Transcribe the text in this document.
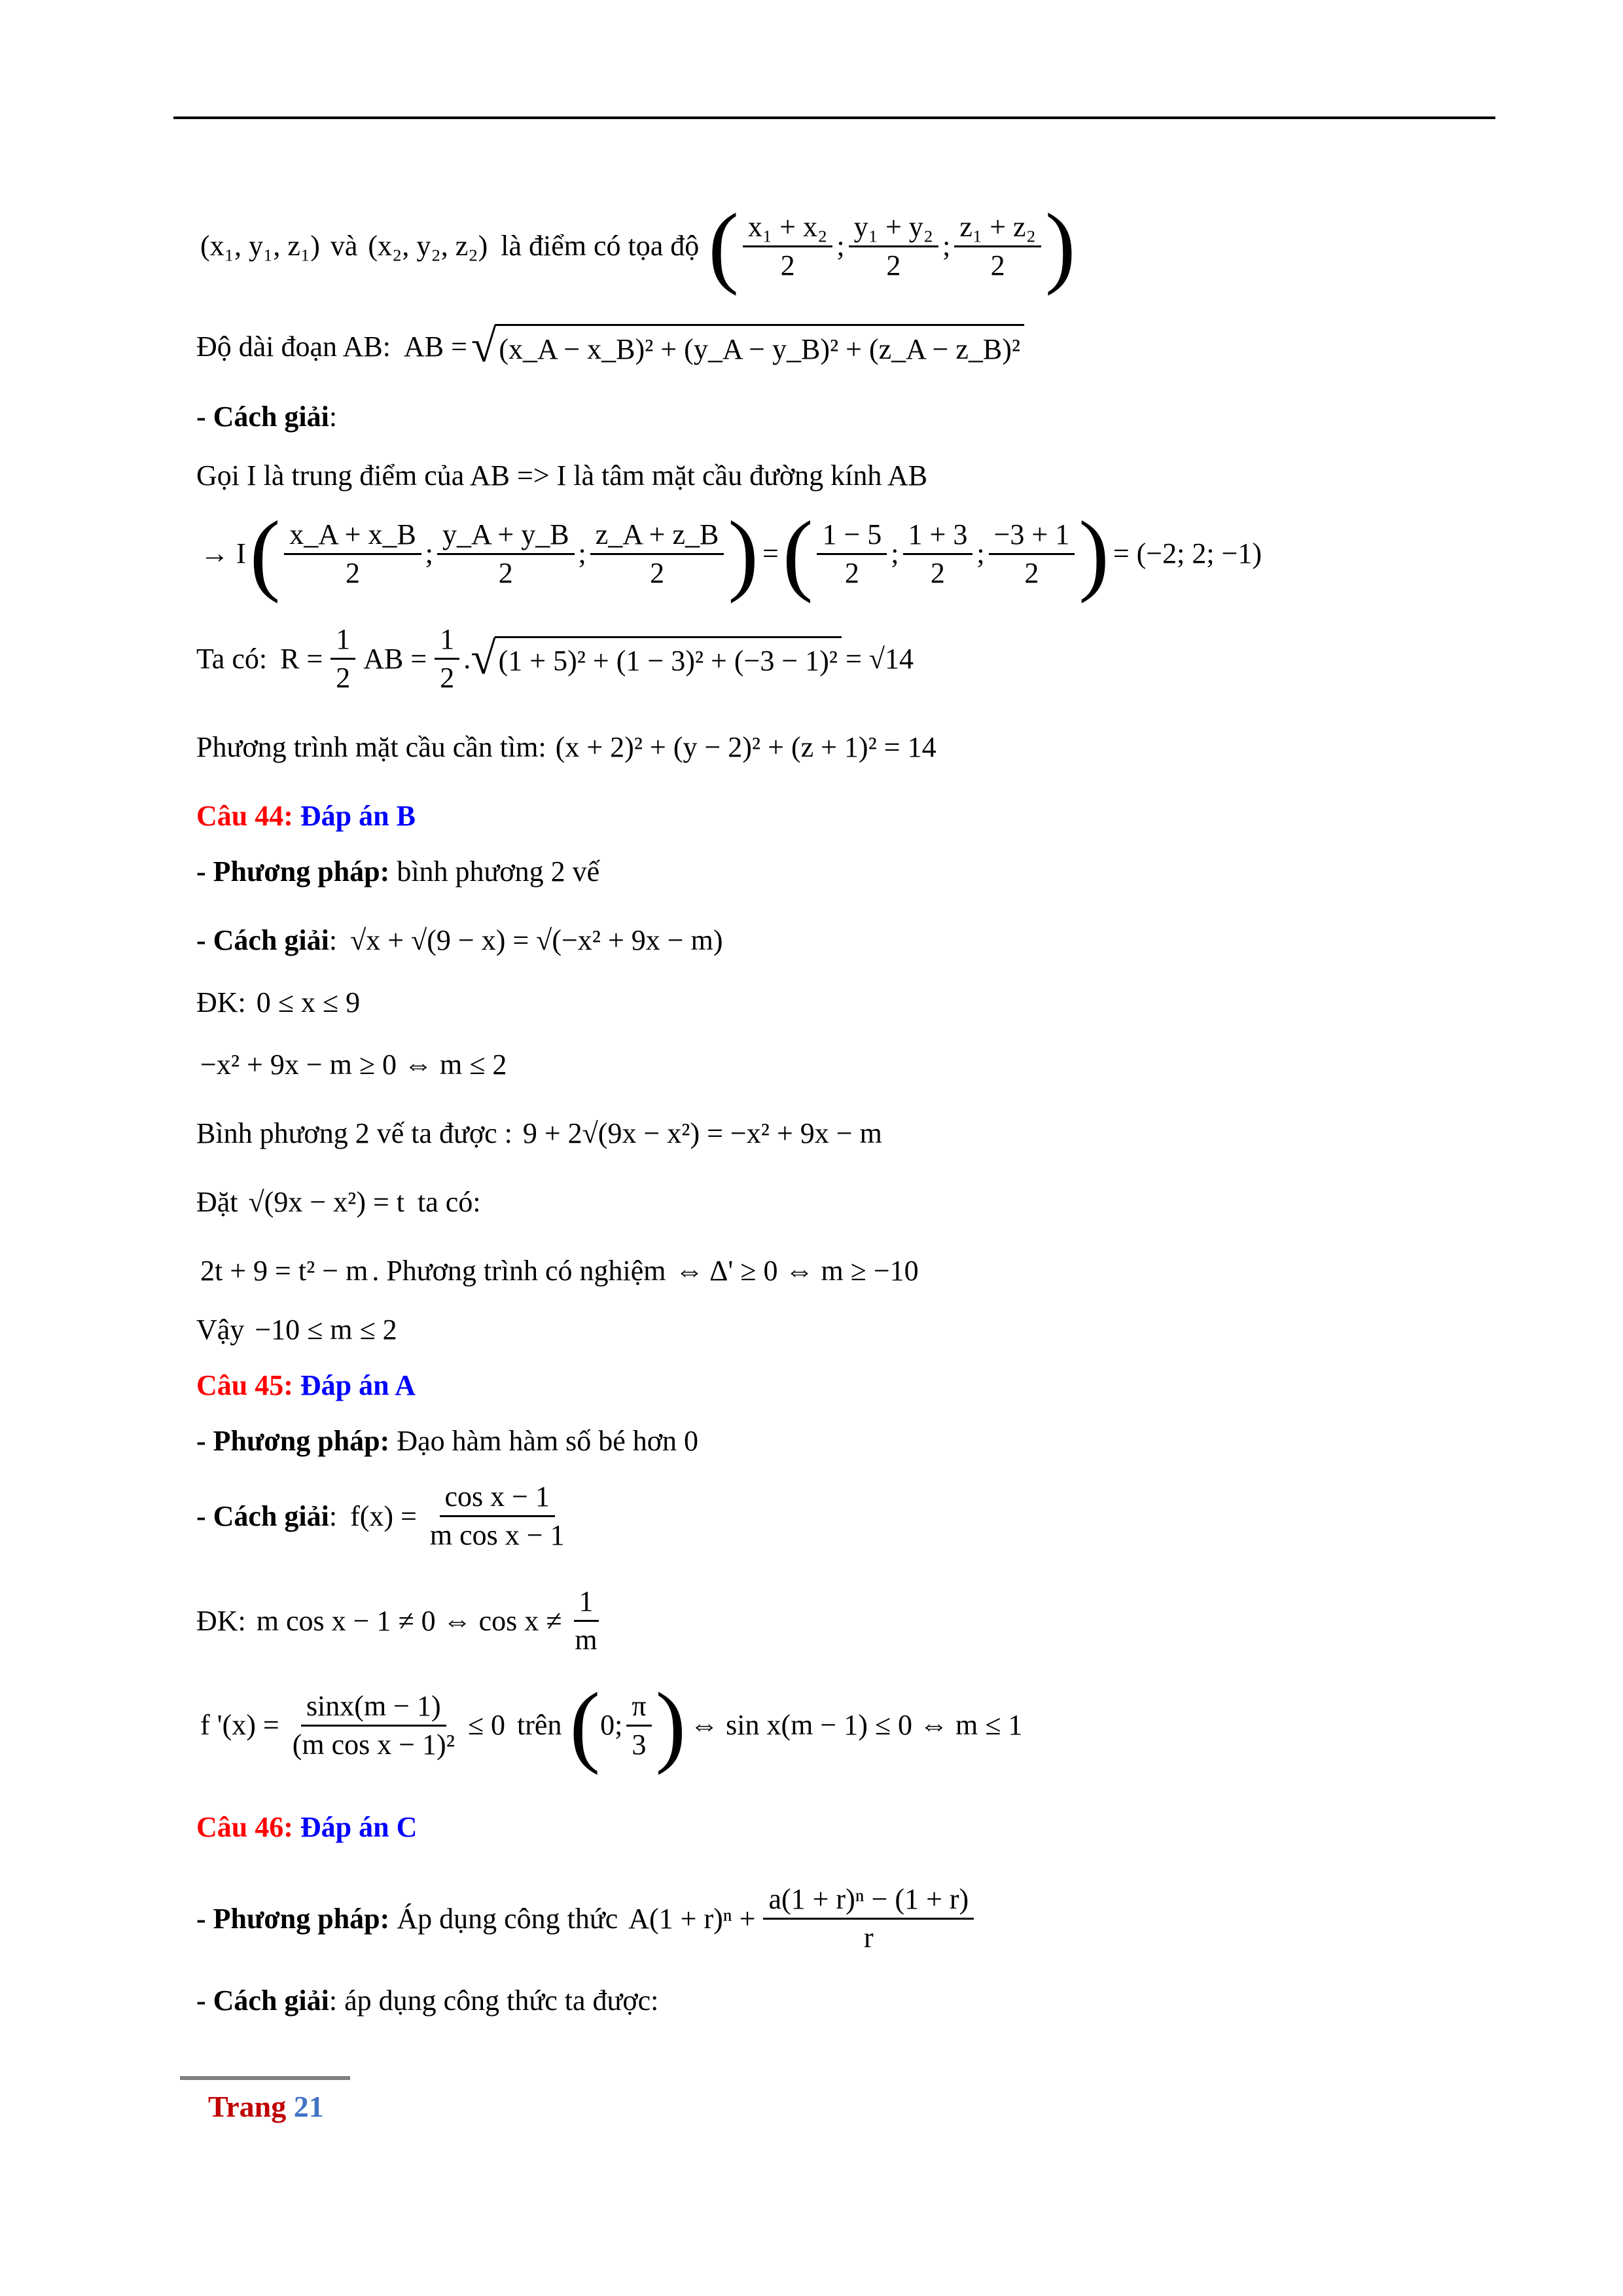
(x₁, y₁, z₁) và (x₂, y₂, z₂) là điểm có tọa độ ( $\frac{\text{x₁ + x₂}}{2}$ ; $\frac{\text{y₁ + y₂}}{2}$ ; $\frac{\text{z₁ + z₂}}{2}$ )
Độ dài đoạn AB: AB = √ (x_A − x_B)² + (y_A − y_B)² + (z_A − z_B)²
- Cách giải :
Gọi I là trung điểm của AB => I là tâm mặt cầu đường kính AB
→ I ( $\frac{x\_A + x\_B}{2}$ ; $\frac{y\_A + y\_B}{2}$ ; $\frac{z\_A + z\_B}{2}$ ) = ( $\frac{1 - 5}{2}$ ; $\frac{1 + 3}{2}$ ; $\frac{-3 + 1}{2}$ ) = (−2; 2; −1)
Ta có: $R = \frac{1}{2}$ AB = $\frac{1}{2}$ . √ (1 + 5)² + (1 − 3)² + (−3 − 1)² = √14
Phương trình mặt cầu cần tìm: (x + 2)² + (y − 2)² + (z + 1)² = 14
Câu 44:
Đáp án B
- Phương pháp:
bình phương 2 vế
- Cách giải : √x + √(9 − x) = √(−x² + 9x − m)
ĐK: 0 ≤ x ≤ 9
−x² + 9x − m ≥ 0 ⇔ m ≤ 2
Bình phương 2 vế ta được : 9 + 2√(9x − x²) = −x² + 9x − m
Đặt √(9x − x²) = t ta có:
2t + 9 = t² − m . Phương trình có nghiệm ⇔ Δ' ≥ 0 ⇔ m ≥ −10
Vậy −10 ≤ m ≤ 2
Câu 45:
Đáp án A
- Phương pháp:
Đạo hàm hàm số bé hơn 0
- Cách giải : $f(x) = \frac{\text{cos x − 1}}{\text{m cos x − 1}}$
ĐK: m cos x − 1 ≠ 0 ⇔ $\cos x \ne \frac{1}{m}$
f '$(x) = \frac{\sin x(m - 1)}{\text{(m cos x − 1)²}} \le 0$ trên ( 0; $\frac{\pi}{3}$ ) ⇔ sin x(m − 1) ≤ 0 ⇔ m ≤ 1
Câu 46:
Đáp án C
- Phương pháp:
Áp dụng công thức $A(1 + r)^n + \frac{\text{a(1 + r)ⁿ − (1 + r)}}{r}$
- Cách giải :
áp dụng công thức ta được:
Trang 21
